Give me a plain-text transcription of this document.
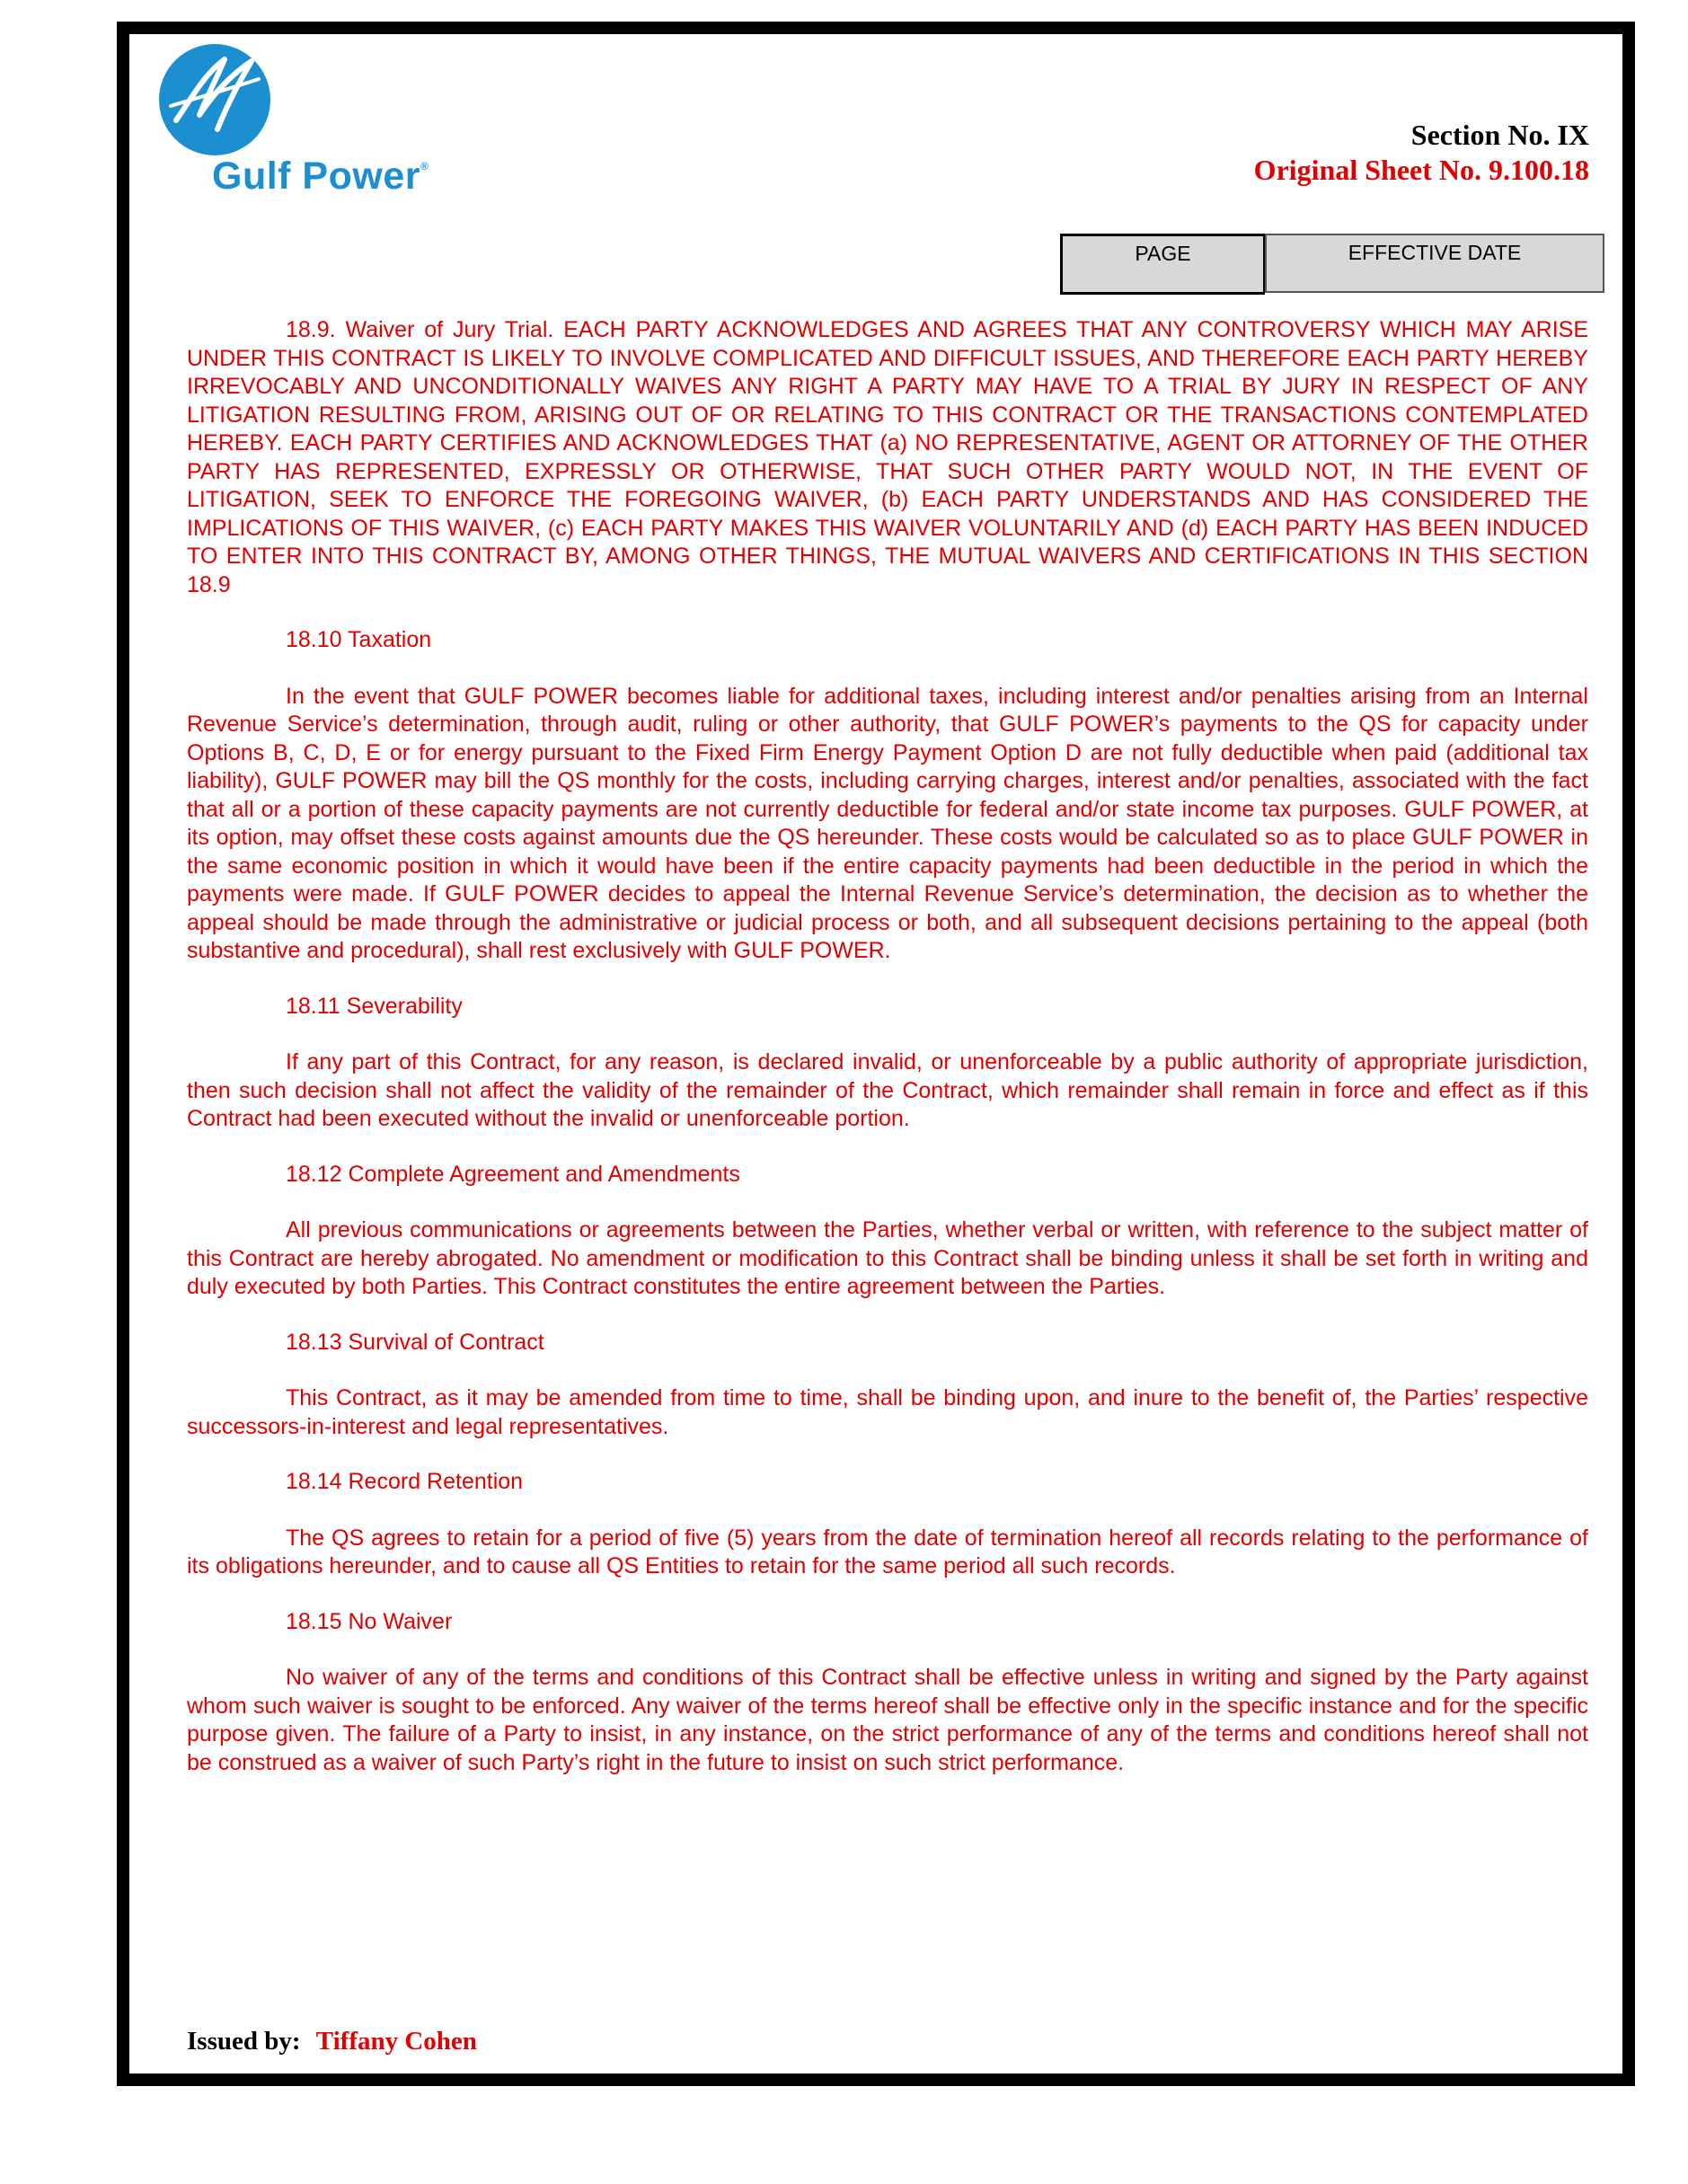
Gulf Power®
Section No. IX
Original Sheet No. 9.100.18
PAGE	EFFECTIVE DATE

18.9. Waiver of Jury Trial. EACH PARTY ACKNOWLEDGES AND AGREES THAT ANY CONTROVERSY WHICH MAY ARISE UNDER THIS CONTRACT IS LIKELY TO INVOLVE COMPLICATED AND DIFFICULT ISSUES, AND THEREFORE EACH PARTY HEREBY IRREVOCABLY AND UNCONDITIONALLY WAIVES ANY RIGHT A PARTY MAY HAVE TO A TRIAL BY JURY IN RESPECT OF ANY LITIGATION RESULTING FROM, ARISING OUT OF OR RELATING TO THIS CONTRACT OR THE TRANSACTIONS CONTEMPLATED HEREBY. EACH PARTY CERTIFIES AND ACKNOWLEDGES THAT (a) NO REPRESENTATIVE, AGENT OR ATTORNEY OF THE OTHER PARTY HAS REPRESENTED, EXPRESSLY OR OTHERWISE, THAT SUCH OTHER PARTY WOULD NOT, IN THE EVENT OF LITIGATION, SEEK TO ENFORCE THE FOREGOING WAIVER, (b) EACH PARTY UNDERSTANDS AND HAS CONSIDERED THE IMPLICATIONS OF THIS WAIVER, (c) EACH PARTY MAKES THIS WAIVER VOLUNTARILY AND (d) EACH PARTY HAS BEEN INDUCED TO ENTER INTO THIS CONTRACT BY, AMONG OTHER THINGS, THE MUTUAL WAIVERS AND CERTIFICATIONS IN THIS SECTION 18.9

18.10 Taxation

In the event that GULF POWER becomes liable for additional taxes, including interest and/or penalties arising from an Internal Revenue Service’s determination, through audit, ruling or other authority, that GULF POWER’s payments to the QS for capacity under Options B, C, D, E or for energy pursuant to the Fixed Firm Energy Payment Option D are not fully deductible when paid (additional tax liability), GULF POWER may bill the QS monthly for the costs, including carrying charges, interest and/or penalties, associated with the fact that all or a portion of these capacity payments are not currently deductible for federal and/or state income tax purposes. GULF POWER, at its option, may offset these costs against amounts due the QS hereunder. These costs would be calculated so as to place GULF POWER in the same economic position in which it would have been if the entire capacity payments had been deductible in the period in which the payments were made. If GULF POWER decides to appeal the Internal Revenue Service’s determination, the decision as to whether the appeal should be made through the administrative or judicial process or both, and all subsequent decisions pertaining to the appeal (both substantive and procedural), shall rest exclusively with GULF POWER.

18.11 Severability

If any part of this Contract, for any reason, is declared invalid, or unenforceable by a public authority of appropriate jurisdiction, then such decision shall not affect the validity of the remainder of the Contract, which remainder shall remain in force and effect as if this Contract had been executed without the invalid or unenforceable portion.

18.12 Complete Agreement and Amendments

All previous communications or agreements between the Parties, whether verbal or written, with reference to the subject matter of this Contract are hereby abrogated. No amendment or modification to this Contract shall be binding unless it shall be set forth in writing and duly executed by both Parties. This Contract constitutes the entire agreement between the Parties.

18.13 Survival of Contract

This Contract, as it may be amended from time to time, shall be binding upon, and inure to the benefit of, the Parties’ respective successors-in-interest and legal representatives.

18.14 Record Retention

The QS agrees to retain for a period of five (5) years from the date of termination hereof all records relating to the performance of its obligations hereunder, and to cause all QS Entities to retain for the same period all such records.

18.15 No Waiver

No waiver of any of the terms and conditions of this Contract shall be effective unless in writing and signed by the Party against whom such waiver is sought to be enforced. Any waiver of the terms hereof shall be effective only in the specific instance and for the specific purpose given. The failure of a Party to insist, in any instance, on the strict performance of any of the terms and conditions hereof shall not be construed as a waiver of such Party’s right in the future to insist on such strict performance.

Issued by: Tiffany Cohen
